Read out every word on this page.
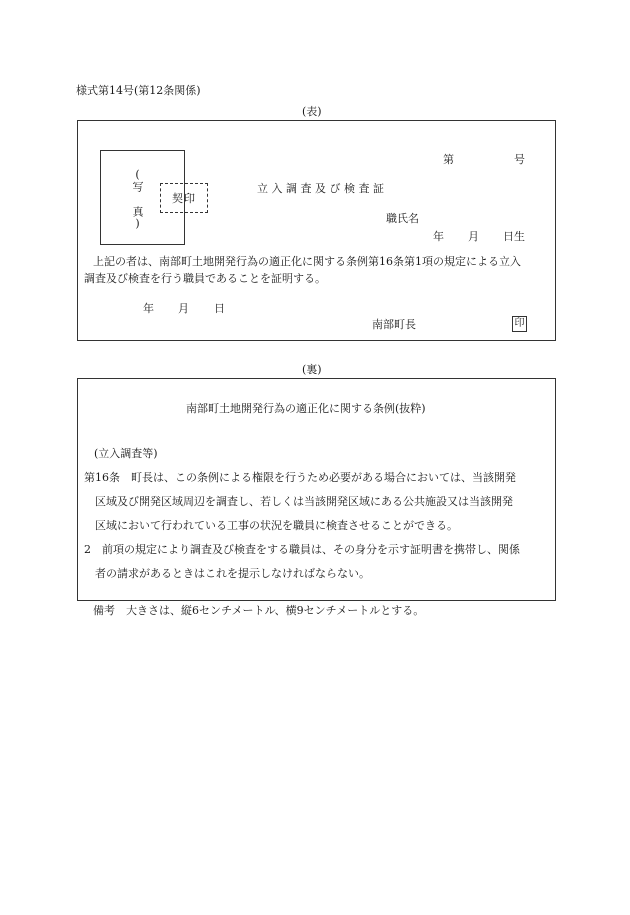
様式第14号(第12条関係)
(表)
(写
真)
契 印
第	号
立 入 調 査 及 び 検 査 証
職氏名
年 月 日生
上記の者は、南部町土地開発行為の適正化に関する条例第16条第1項の規定による立入
調査及び検査を行う職員であることを証明する。
年 月 日
南部町長	印
(裏)
南部町土地開発行為の適正化に関する条例(抜粋)
(立入調査等)
第16条　町長は、この条例による権限を行うため必要がある場合においては、当該開発
区域及び開発区域周辺を調査し、若しくは当該開発区域にある公共施設又は当該開発
区域において行われている工事の状況を職員に検査させることができる。
2　前項の規定により調査及び検査をする職員は、その身分を示す証明書を携帯し、関係
者の請求があるときはこれを提示しなければならない。
備考　大きさは、縦6センチメートル、横9センチメートルとする。
